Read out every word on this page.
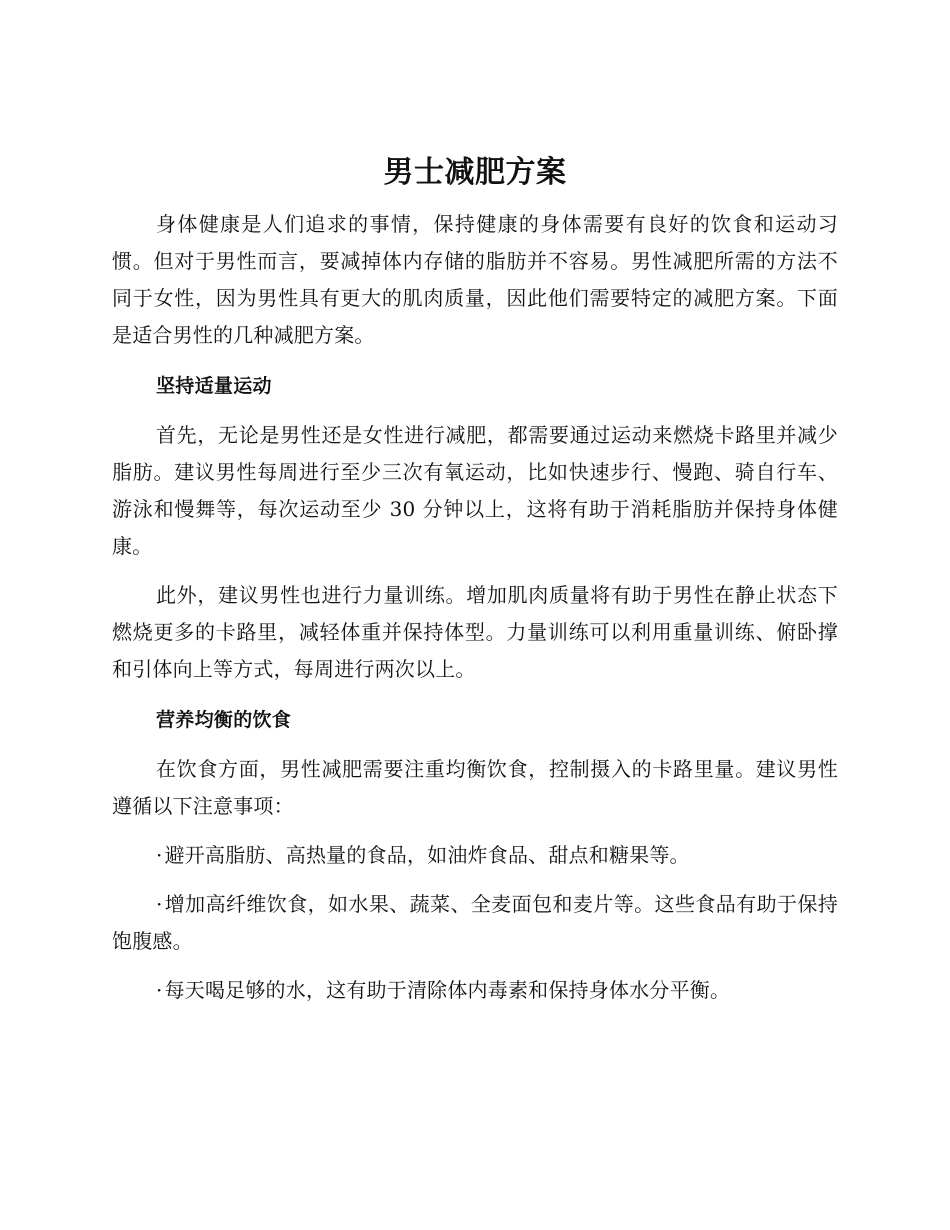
男士减肥方案

身体健康是人们追求的事情，保持健康的身体需要有良好的饮食和运动习惯。但对于男性而言，要减掉体内存储的脂肪并不容易。男性减肥所需的方法不同于女性，因为男性具有更大的肌肉质量，因此他们需要特定的减肥方案。下面是适合男性的几种减肥方案。

坚持适量运动

首先，无论是男性还是女性进行减肥，都需要通过运动来燃烧卡路里并减少脂肪。建议男性每周进行至少三次有氧运动，比如快速步行、慢跑、骑自行车、游泳和慢舞等，每次运动至少 30 分钟以上，这将有助于消耗脂肪并保持身体健康。

此外，建议男性也进行力量训练。增加肌肉质量将有助于男性在静止状态下燃烧更多的卡路里，减轻体重并保持体型。力量训练可以利用重量训练、俯卧撑和引体向上等方式，每周进行两次以上。

营养均衡的饮食

在饮食方面，男性减肥需要注重均衡饮食，控制摄入的卡路里量。建议男性遵循以下注意事项：

· 避开高脂肪、高热量的食品，如油炸食品、甜点和糖果等。

· 增加高纤维饮食，如水果、蔬菜、全麦面包和麦片等。这些食品有助于保持饱腹感。

· 每天喝足够的水，这有助于清除体内毒素和保持身体水分平衡。
